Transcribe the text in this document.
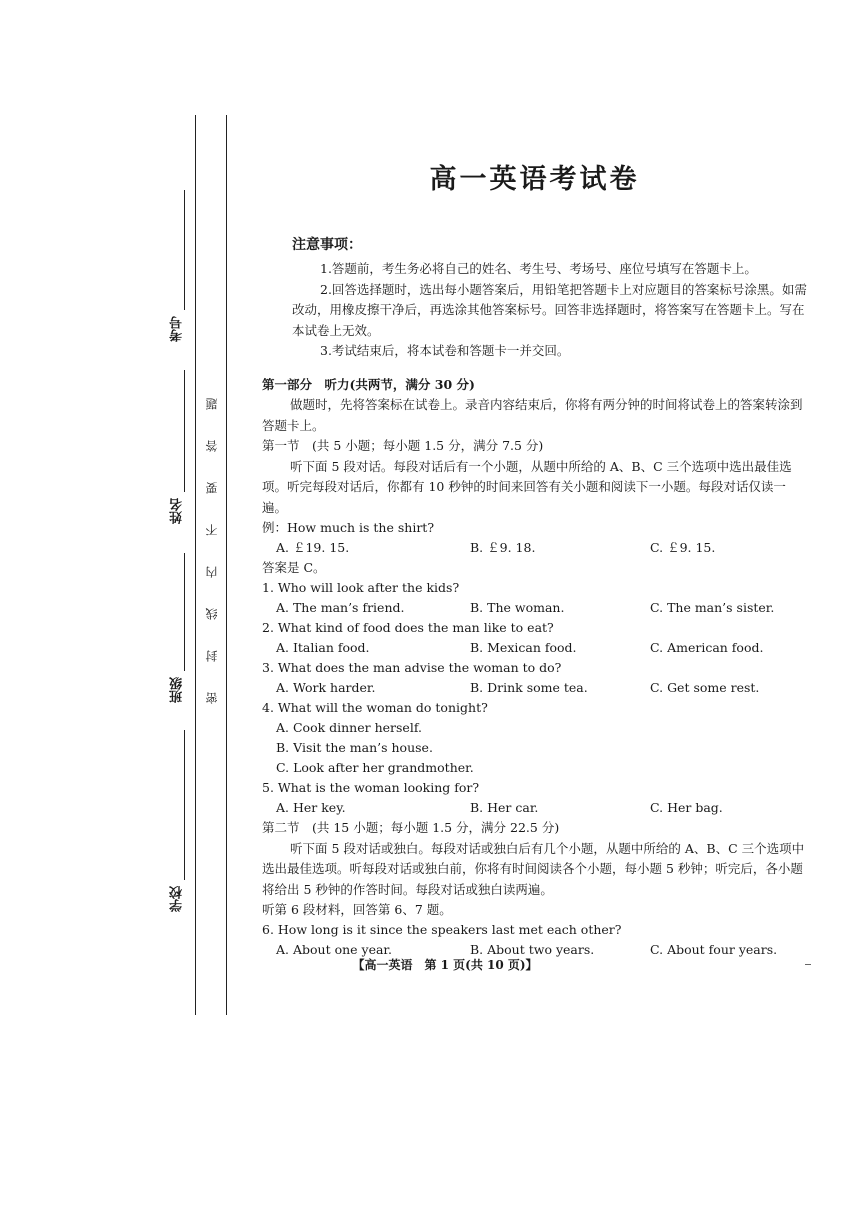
考号
姓名
班级
学校
题
答
要
不
内
线
封
密
高一英语考试卷
注意事项：

1.答题前，考生务必将自己的姓名、考生号、考场号、座位号填写在答题卡上。

2.回答选择题时，选出每小题答案后，用铅笔把答题卡上对应题目的答案标号涂黑。如需改动，用橡皮擦干净后，再选涂其他答案标号。回答非选择题时，将答案写在答题卡上。写在本试卷上无效。

3.考试结束后，将本试卷和答题卡一并交回。

第一部分　听力(共两节，满分 30 分)

做题时，先将答案标在试卷上。录音内容结束后，你将有两分钟的时间将试卷上的答案转涂到答题卡上。

第一节　(共 5 小题；每小题 1.5 分，满分 7.5 分)

听下面 5 段对话。每段对话后有一个小题，从题中所给的 A、B、C 三个选项中选出最佳选项。听完每段对话后，你都有 10 秒钟的时间来回答有关小题和阅读下一小题。每段对话仅读一遍。

例：How much is the shirt?

A. ￡19. 15.	B. ￡9. 18.	C. ￡9. 15.

答案是 C。

1. Who will look after the kids?

A. The man’s friend.	B. The woman.	C. The man’s sister.

2. What kind of food does the man like to eat?

A. Italian food.	B. Mexican food.	C. American food.

3. What does the man advise the woman to do?

A. Work harder.	B. Drink some tea.	C. Get some rest.

4. What will the woman do tonight?

A. Cook dinner herself.
B. Visit the man’s house.
C. Look after her grandmother.

5. What is the woman looking for?

A. Her key.	B. Her car.	C. Her bag.

第二节　(共 15 小题；每小题 1.5 分，满分 22.5 分)

听下面 5 段对话或独白。每段对话或独白后有几个小题，从题中所给的 A、B、C 三个选项中选出最佳选项。听每段对话或独白前，你将有时间阅读各个小题，每小题 5 秒钟；听完后，各小题将给出 5 秒钟的作答时间。每段对话或独白读两遍。

听第 6 段材料，回答第 6、7 题。

6. How long is it since the speakers last met each other?

A. About one year.	B. About two years.	C. About four years.
【高一英语　第 1 页(共 10 页)】
